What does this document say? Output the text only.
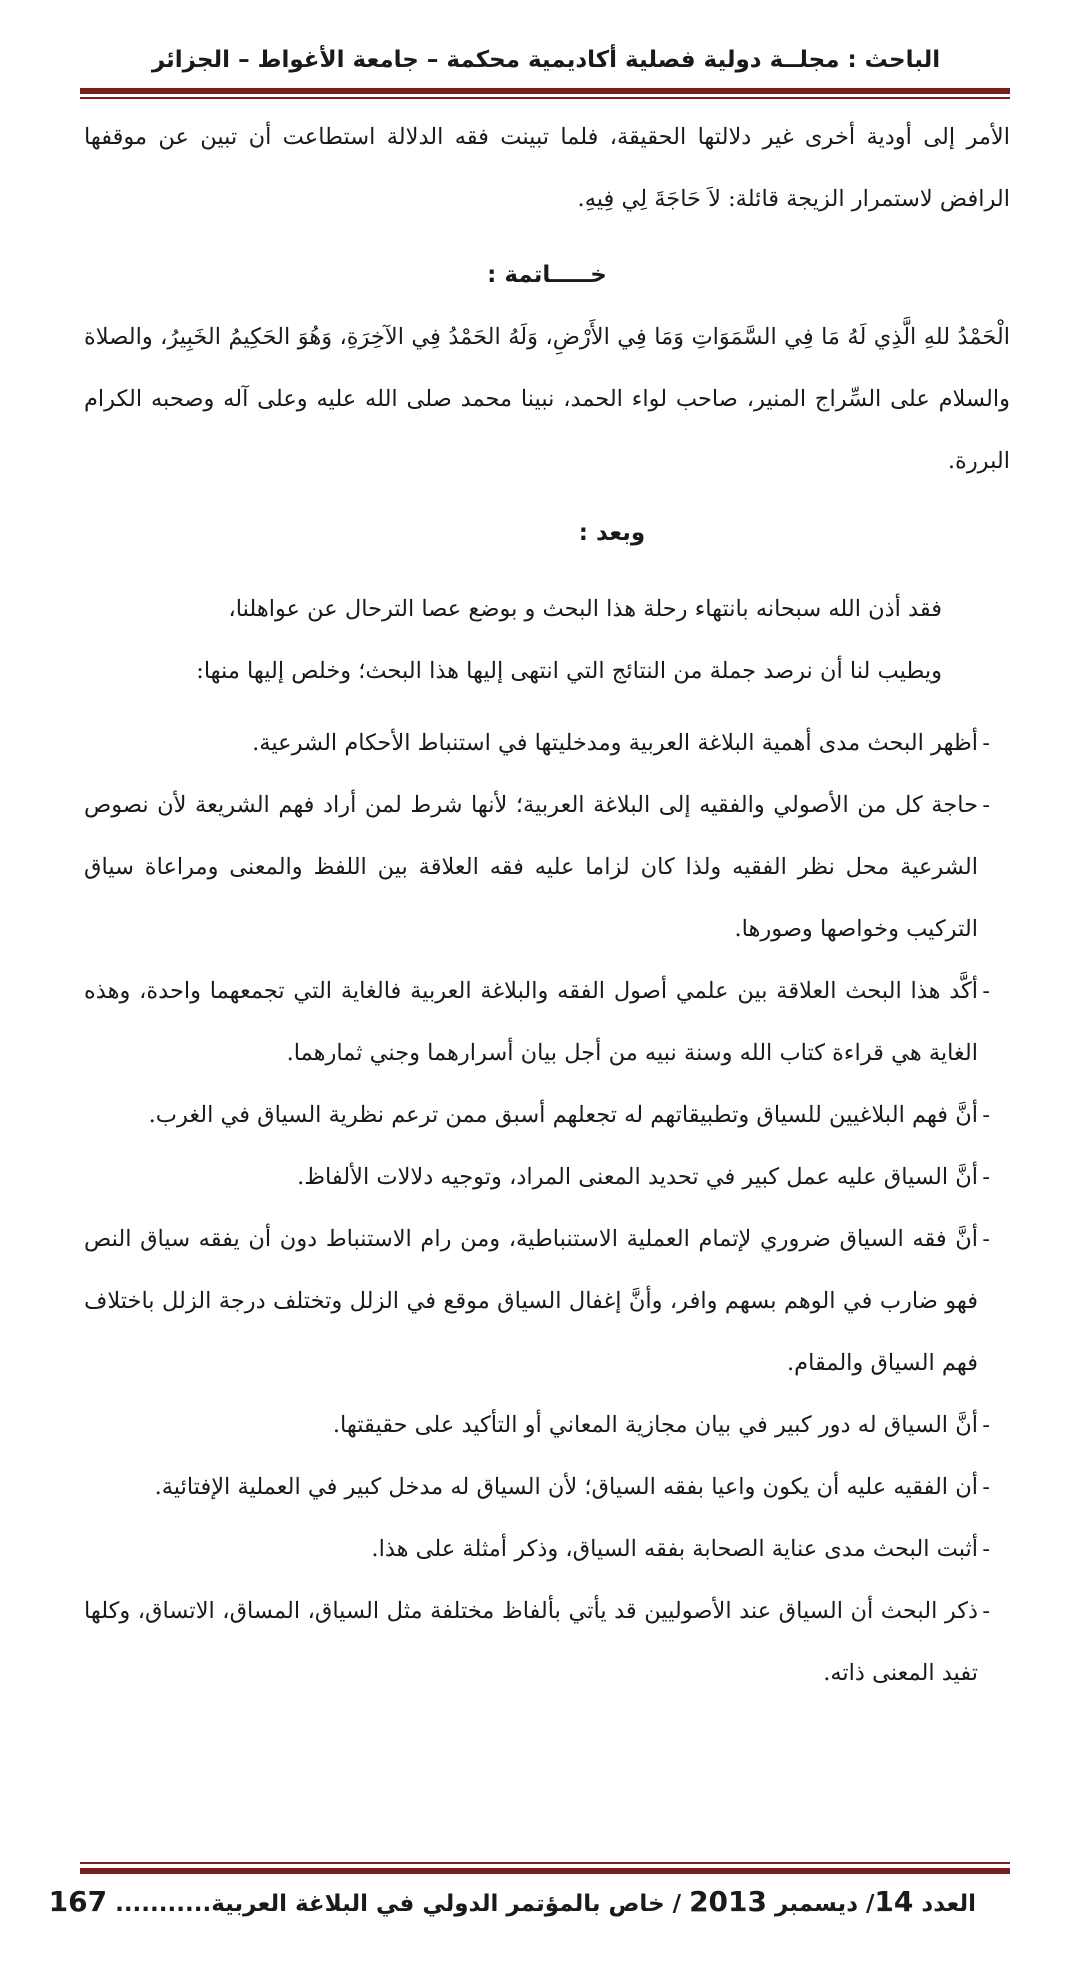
الباحث : مجلــة دولية فصلية أكاديمية محكمة – جامعة الأغواط – الجزائر

الأمر إلى أودية أخرى غير دلالتها الحقيقة، فلما تبينت فقه الدلالة استطاعت أن تبين عن موقفها الرافض لاستمرار الزيجة قائلة: لاَ حَاجَةَ لِي فِيهِ.

خـــــاتمة :

الْحَمْدُ للهِ الَّذِي لَهُ مَا فِي السَّمَوَاتِ وَمَا فِي الأَرْضِ، وَلَهُ الحَمْدُ فِي الآخِرَةِ، وَهُوَ الحَكِيمُ الخَبِيرُ، والصلاة والسلام على السِّراج المنير، صاحب لواء الحمد، نبينا محمد صلى الله عليه وعلى آله وصحبه الكرام البررة.

وبعد :

فقد أذن الله سبحانه بانتهاء رحلة هذا البحث و بوضع عصا الترحال عن عواهلنا،
ويطيب لنا أن نرصد جملة من النتائج التي انتهى إليها هذا البحث؛ وخلص إليها منها:
- أظهر البحث مدى أهمية البلاغة العربية ومدخليتها في استنباط الأحكام الشرعية.
- حاجة كل من الأصولي والفقيه إلى البلاغة العربية؛ لأنها شرط لمن أراد فهم الشريعة لأن نصوص الشرعية محل نظر الفقيه ولذا كان لزاما عليه فقه العلاقة بين اللفظ والمعنى ومراعاة سياق التركيب وخواصها وصورها.
- أكَّد هذا البحث العلاقة بين علمي أصول الفقه والبلاغة العربية فالغاية التي تجمعهما واحدة، وهذه الغاية هي قراءة كتاب الله وسنة نبيه من أجل بيان أسرارهما وجني ثمارهما.
- أنَّ فهم البلاغيين للسياق وتطبيقاتهم له تجعلهم أسبق ممن ترعم نظرية السياق في الغرب.
- أنَّ السياق عليه عمل كبير في تحديد المعنى المراد، وتوجيه دلالات الألفاظ.
- أنَّ فقه السياق ضروري لإتمام العملية الاستنباطية، ومن رام الاستنباط دون أن يفقه سياق النص فهو ضارب في الوهم بسهم وافر، وأنَّ إغفال السياق موقع في الزلل وتختلف درجة الزلل باختلاف فهم السياق والمقام.
- أنَّ السياق له دور كبير في بيان مجازية المعاني أو التأكيد على حقيقتها.
- أن الفقيه عليه أن يكون واعيا بفقه السياق؛ لأن السياق له مدخل كبير في العملية الإفتائية.
- أثبت البحث مدى عناية الصحابة بفقه السياق، وذكر أمثلة على هذا.
- ذكر البحث أن السياق عند الأصوليين قد يأتي بألفاظ مختلفة مثل السياق، المساق، الاتساق، وكلها تفيد المعنى ذاته.
العدد 14/ ديسمبر 2013 / خاص بالمؤتمر الدولي في البلاغة العربية........... 167
